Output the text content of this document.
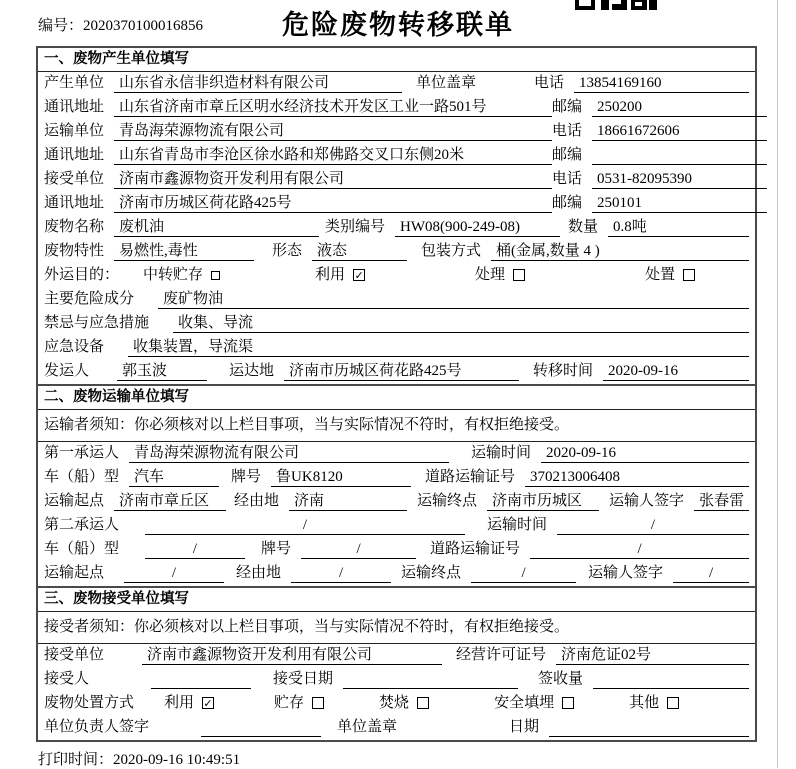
编号：2020370100016856	危险废物转移联单
一、废物产生单位填写
产生单位	山东省永信非织造材料有限公司	单位盖章	电话	13854169160
通讯地址	山东省济南市章丘区明水经济技术开发区工业一路501号	邮编	250200
运输单位	青岛海荣源物流有限公司	电话	18661672606
通讯地址	山东省青岛市李沧区徐水路和郑佛路交叉口东侧20米	邮编
接受单位	济南市鑫源物资开发利用有限公司	电话	0531-82095390
通讯地址	济南市历城区荷花路425号	邮编	250101
废物名称	废机油	类别编号	HW08(900-249-08)	数量	0.8吨
废物特性	易燃性,毒性	形态	液态	包装方式	桶(金属,数量 4 )
外运目的： 中转贮存	利用 ✓	处理	处置
主要危险成分	废矿物油
禁忌与应急措施	收集、导流
应急设备	收集装置，导流渠
发运人	郭玉波	运达地	济南市历城区荷花路425号	转移时间	2020-09-16
二、废物运输单位填写
运输者须知：你必须核对以上栏目事项，当与实际情况不符时，有权拒绝接受。
第一承运人	青岛海荣源物流有限公司	运输时间	2020-09-16
车（船）型	汽车	牌号	鲁UK8120	道路运输证号	370213006408
运输起点	济南市章丘区	经由地	济南	运输终点	济南市历城区	运输人签字	张春雷
第二承运人	/	运输时间	/
车（船）型	/	牌号	/	道路运输证号	/
运输起点	/	经由地	/	运输终点	/	运输人签字	/
三、废物接受单位填写
接受者须知：你必须核对以上栏目事项，当与实际情况不符时，有权拒绝接受。
接受单位	济南市鑫源物资开发利用有限公司	经营许可证号	济南危证02号
接受人	接受日期	签收量
废物处置方式 利用 ✓	贮存	焚烧	安全填埋	其他
单位负责人签字	单位盖章	日期
打印时间：2020-09-16 10:49:51
